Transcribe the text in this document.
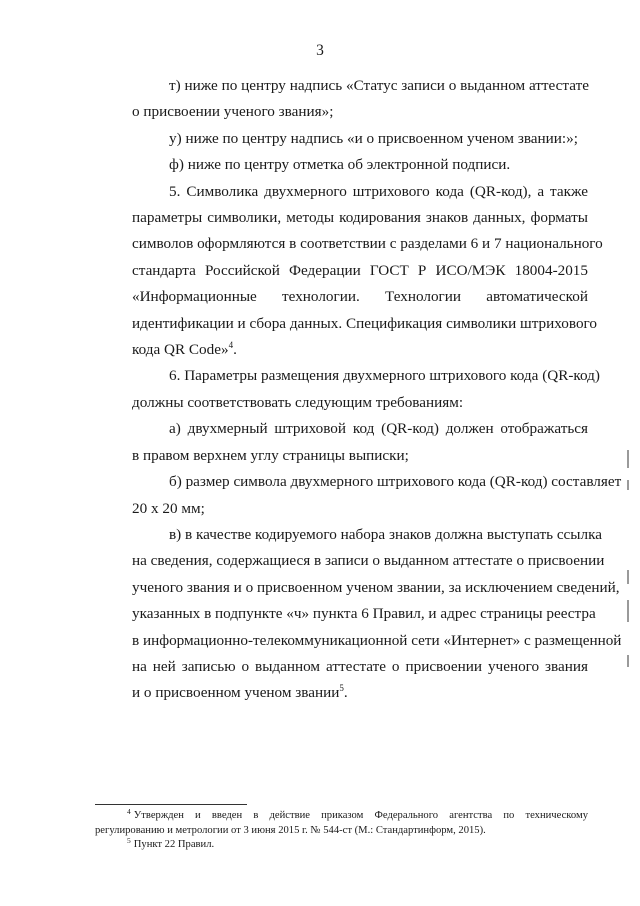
3

т) ниже по центру надпись «Статус записи о выданном аттестате
о присвоении ученого звания»;

у) ниже по центру надпись «и о присвоенном ученом звании:»;

ф) ниже по центру отметка об электронной подписи.

5. Символика двухмерного штрихового кода (QR-код), а также
параметры символики, методы кодирования знаков данных, форматы
символов оформляются в соответствии с разделами 6 и 7 национального
стандарта Российской Федерации ГОСТ Р ИСО/МЭК 18004-2015
«Информационные технологии. Технологии автоматической
идентификации и сбора данных. Спецификация символики штрихового
кода QR Code»$^4$.

6. Параметры размещения двухмерного штрихового кода (QR-код)
должны соответствовать следующим требованиям:

а) двухмерный штриховой код (QR-код) должен отображаться
в правом верхнем углу страницы выписки;

б) размер символа двухмерного штрихового кода (QR-код) составляет
20 х 20 мм;

в) в качестве кодируемого набора знаков должна выступать ссылка
на сведения, содержащиеся в записи о выданном аттестате о присвоении
ученого звания и о присвоенном ученом звании, за исключением сведений,
указанных в подпункте «ч» пункта 6 Правил, и адрес страницы реестра
в информационно-телекоммуникационной сети «Интернет» с размещенной
на ней записью о выданном аттестате о присвоении ученого звания
и о присвоенном ученом звании$^5$.

$^4$ Утвержден и введен в действие приказом Федерального агентства по техническому
регулированию и метрологии от 3 июня 2015 г. № 544-ст (М.: Стандартинформ, 2015).
$^5$ Пункт 22 Правил.
